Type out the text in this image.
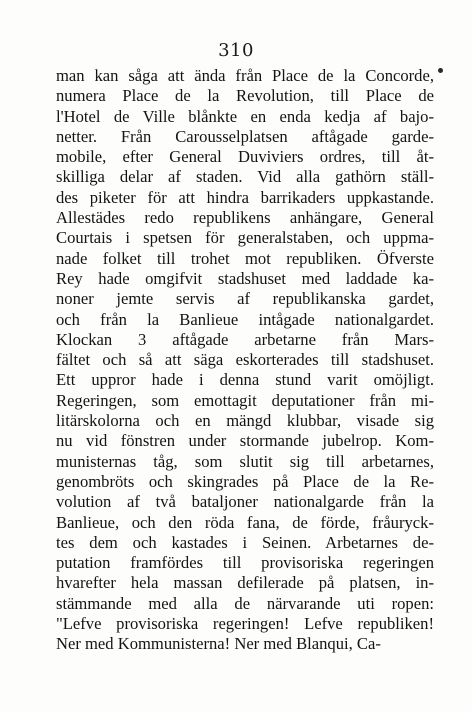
310
man kan såga att ända från Place de la Concorde,
numera Place de la Revolution, till Place de
l'Hotel de Ville blånkte en enda kedja af bajo-
netter. Från Carousselplatsen aftågade garde-
mobile, efter General Duviviers ordres, till åt-
skilliga delar af staden. Vid alla gathörn ställ-
des piketer för att hindra barrikaders uppkastande.
Allestädes redo republikens anhängare, General
Courtais i spetsen för generalstaben, och uppma-
nade folket till trohet mot republiken. Öfverste
Rey hade omgifvit stadshuset med laddade ka-
noner jemte servis af republikanska gardet,
och från la Banlieue intågade nationalgardet.
Klockan 3 aftågade arbetarne från Mars-
fältet och så att säga eskorterades till stadshuset.
Ett uppror hade i denna stund varit omöjligt.
Regeringen, som emottagit deputationer från mi-
litärskolorna och en mängd klubbar, visade sig
nu vid fönstren under stormande jubelrop. Kom-
munisternas tåg, som slutit sig till arbetarnes,
genombröts och skingrades på Place de la Re-
volution af två bataljoner nationalgarde från la
Banlieue, och den röda fana, de förde, fråuryck-
tes dem och kastades i Seinen. Arbetarnes de-
putation framfördes till provisoriska regeringen
hvarefter hela massan defilerade på platsen, in-
stämmande med alla de närvarande uti ropen:
"Lefve provisoriska regeringen! Lefve republiken!
Ner med Kommunisterna! Ner med Blanqui, Ca-
